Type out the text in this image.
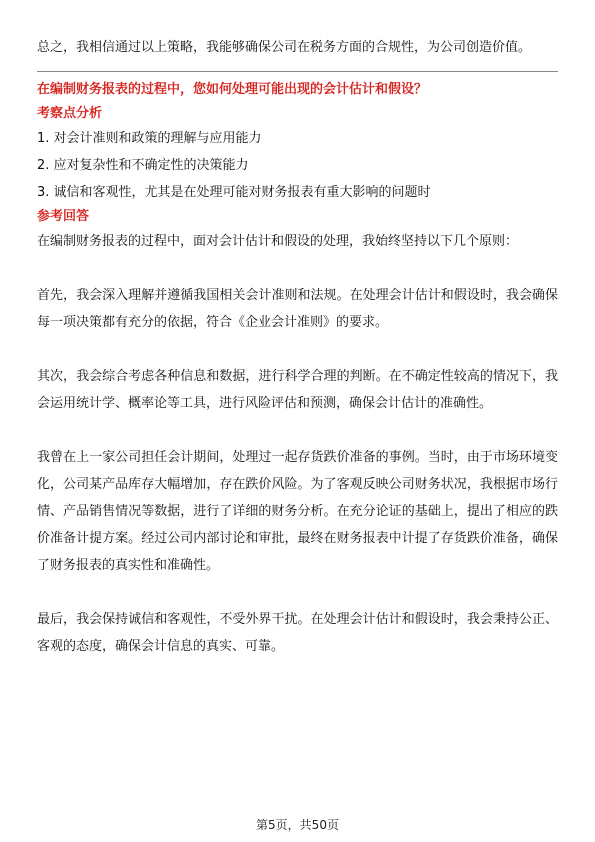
总之，我相信通过以上策略，我能够确保公司在税务方面的合规性，为公司创造价值。

在编制财务报表的过程中，您如何处理可能出现的会计估计和假设？
考察点分析
1. 对会计准则和政策的理解与应用能力
2. 应对复杂性和不确定性的决策能力
3. 诚信和客观性，尤其是在处理可能对财务报表有重大影响的问题时
参考回答

在编制财务报表的过程中，面对会计估计和假设的处理，我始终坚持以下几个原则：

首先，我会深入理解并遵循我国相关会计准则和法规。在处理会计估计和假设时，我会确保每一项决策都有充分的依据，符合《企业会计准则》的要求。

其次，我会综合考虑各种信息和数据，进行科学合理的判断。在不确定性较高的情况下，我会运用统计学、概率论等工具，进行风险评估和预测，确保会计估计的准确性。

我曾在上一家公司担任会计期间，处理过一起存货跌价准备的事例。当时，由于市场环境变化，公司某产品库存大幅增加，存在跌价风险。为了客观反映公司财务状况，我根据市场行情、产品销售情况等数据，进行了详细的财务分析。在充分论证的基础上，提出了相应的跌价准备计提方案。经过公司内部讨论和审批，最终在财务报表中计提了存货跌价准备，确保了财务报表的真实性和准确性。

最后，我会保持诚信和客观性，不受外界干扰。在处理会计估计和假设时，我会秉持公正、客观的态度，确保会计信息的真实、可靠。

第5页，共50页
